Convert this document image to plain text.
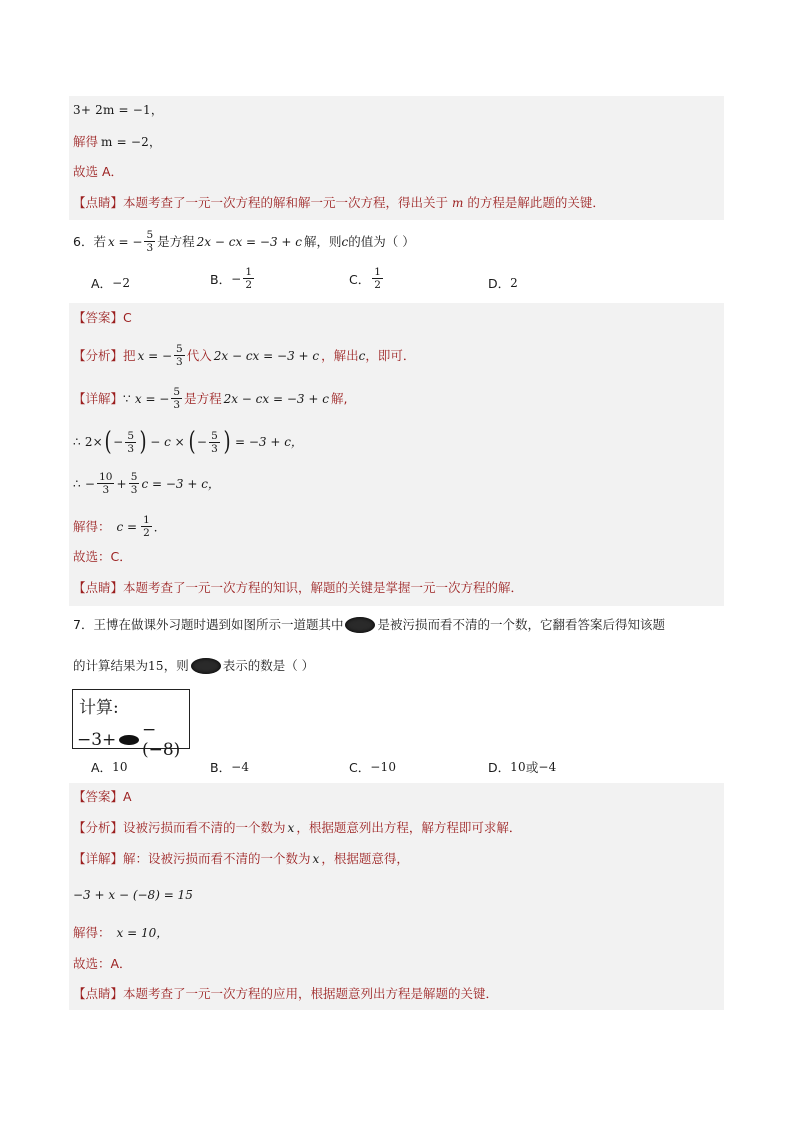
3+ 2m = −1，
解得 m = −2，
故选 A．
【点睛】 本题考查了一元一次方程的解和解一元一次方程，得出关于 m 的方程是解此题的关键．
6．若 x = − $\frac{5}{3}$ 是方程 2x − cx = −3 + c 解，则 c 的值为（ ）
A． −2	B． − $\frac{1}{2}$	C． $\frac{1}{2}$	D． 2
【答案】 C
【分析】 把 x = − $\frac{5}{3}$ 代入 2x − cx = −3 + c ，解出 c ，即可．
【详解】 ∵ x = − $\frac{5}{3}$ 是方程 2x − cx = −3 + c 解,
∴ 2× ( − $\frac{5}{3}$ ) − c × ( − $\frac{5}{3}$ ) = −3 + c，
∴ − $\frac{10}{3} + \frac{5}{3}$ c = −3 + c，
解得： $c = \frac{1}{2}$ ．
故选：C．
【点睛】 本题考查了一元一次方程的知识，解题的关键是掌握一元一次方程的解．
7．王博在做课外习题时遇到如图所示一道题其中	是被污损而看不清的一个数，它翻看答案后得知该题
的计算结果为 15 ，则	表示的数是（ ）
计算:
−3+ −(−8)
A． 10	B． −4	C． −10	D． 10 或 −4
【答案】 A
【分析】 设被污损而看不清的一个数为 x ，根据题意列出方程，解方程即可求解．
【详解】 解：设被污损而看不清的一个数为 x ，根据题意得，
−3 + x − (−8) = 15
解得： x = 10，
故选：A．
【点睛】 本题考查了一元一次方程的应用，根据题意列出方程是解题的关键．
